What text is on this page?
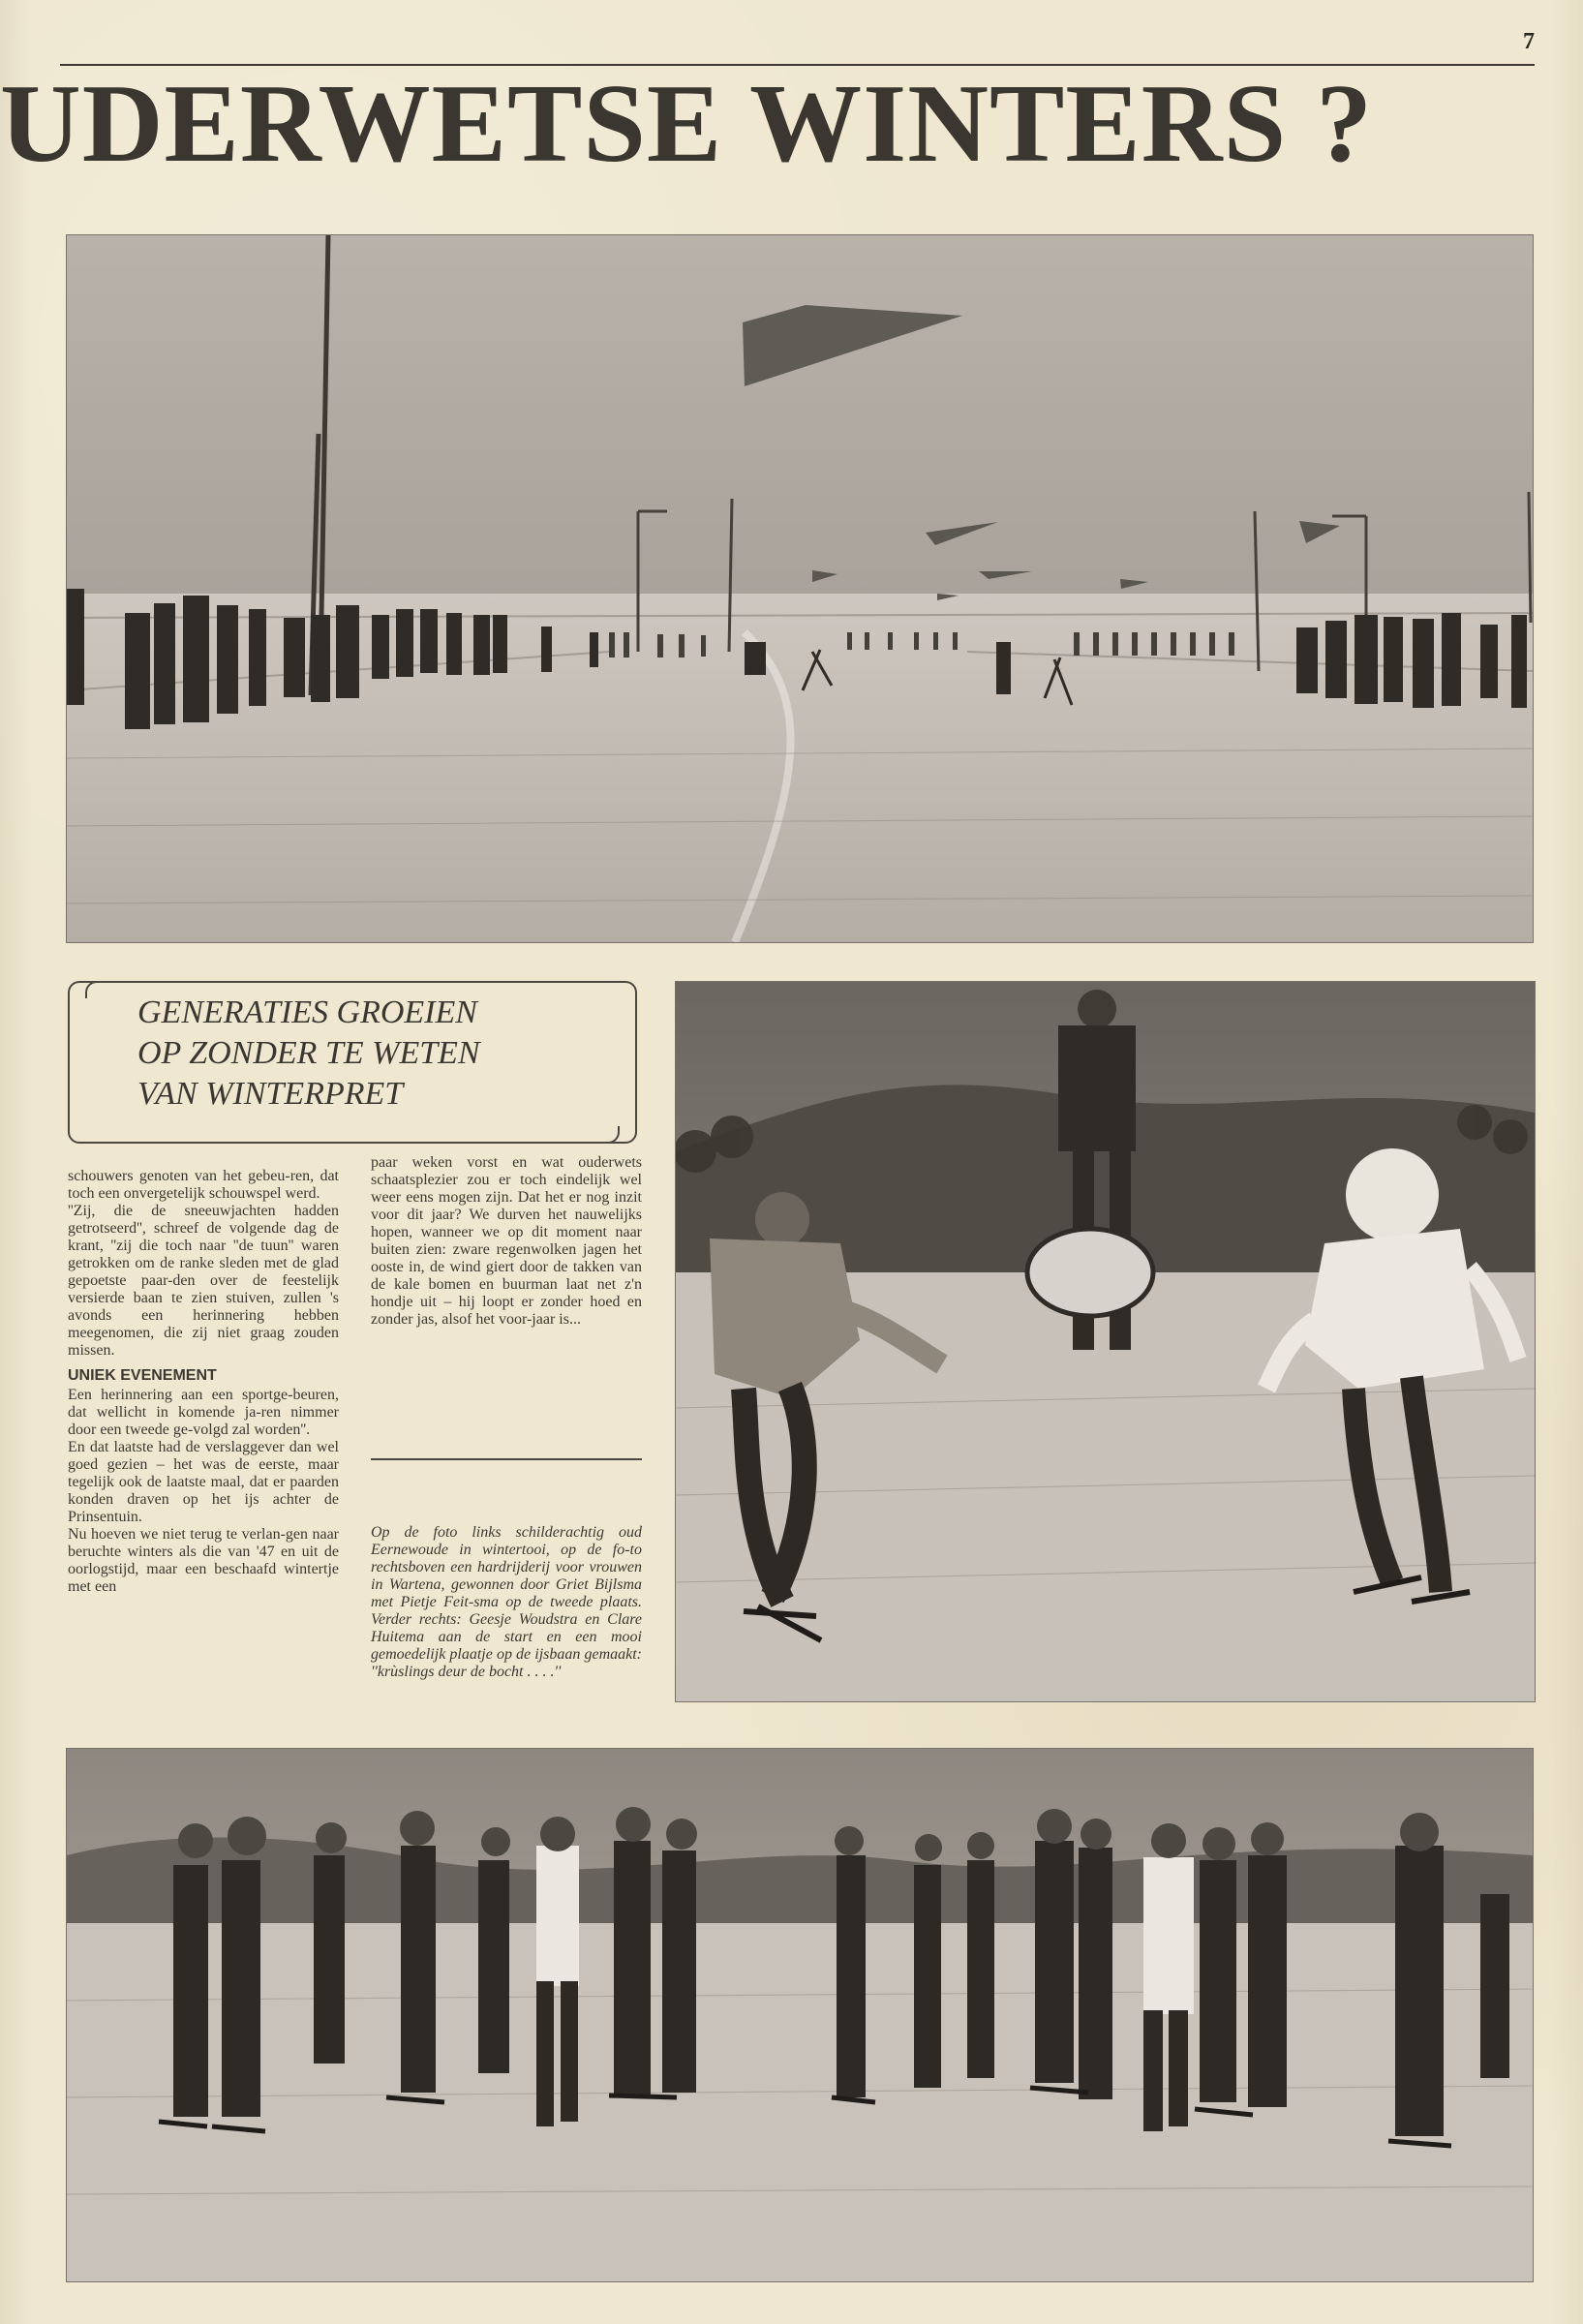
7
UDERWETSE WINTERS ?
GENERATIES GROEIEN
OP ZONDER TE WETEN
VAN WINTERPRET

schouwers genoten van het gebeu-ren, dat toch een onvergetelijk schouwspel werd.

''Zij, die de sneeuwjachten hadden getrotseerd'', schreef de volgende dag de krant, ''zij die toch naar ''de tuun'' waren getrokken om de ranke sleden met de glad gepoetste paar-den over de feestelijk versierde baan te zien stuiven, zullen 's avonds een herinnering hebben meegenomen, die zij niet graag zouden missen.

UNIEK EVENEMENT

Een herinnering aan een sportge-beuren, dat wellicht in komende ja-ren nimmer door een tweede ge-volgd zal worden''.

En dat laatste had de verslaggever dan wel goed gezien – het was de eerste, maar tegelijk ook de laatste maal, dat er paarden konden draven op het ijs achter de Prinsentuin.

Nu hoeven we niet terug te verlan-gen naar beruchte winters als die van '47 en uit de oorlogstijd, maar een beschaafd wintertje met een

paar weken vorst en wat ouderwets schaatsplezier zou er toch eindelijk wel weer eens mogen zijn. Dat het er nog inzit voor dit jaar? We durven het nauwelijks hopen, wanneer we op dit moment naar buiten zien: zware regenwolken jagen het ooste in, de wind giert door de takken van de kale bomen en buurman laat net z'n hondje uit – hij loopt er zonder hoed en zonder jas, alsof het voor-jaar is...

Op de foto links schilderachtig oud Eernewoude in wintertooi, op de fo-to rechtsboven een hardrijderij voor vrouwen in Wartena, gewonnen door Griet Bijlsma met Pietje Feit-sma op de tweede plaats. Verder rechts: Geesje Woudstra en Clare Huitema aan de start en een mooi gemoedelijk plaatje op de ijsbaan gemaakt: ''krùslings deur de bocht . . . .''
